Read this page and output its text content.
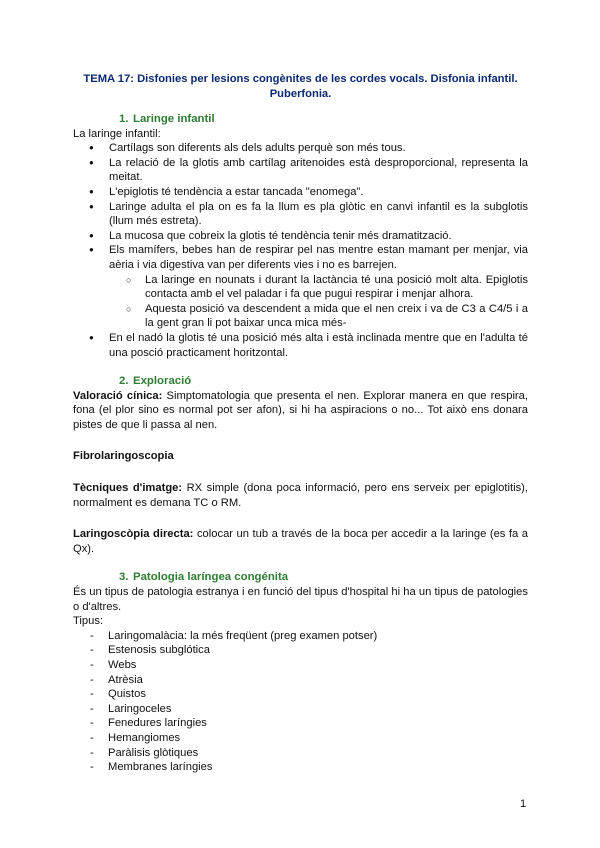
TEMA 17: Disfonies per lesions congènites de les cordes vocals. Disfonia infantil. Puberfonia.

1. Laringe infantil

La laringe infantil:

● Cartílags son diferents als dels adults perquè son més tous.
● La relació de la glotis amb cartílag aritenoides està desproporcional, representa la meitat.
● L'epiglotis té tendència a estar tancada "enomega".
● Laringe adulta el pla on es fa la llum es pla glòtic en canvi infantil es la subglotis (llum més estreta).
● La mucosa que cobreix la glotis té tendència tenir més dramatització.
● Els mamífers, bebes han de respirar pel nas mentre estan mamant per menjar, via aèria i via digestiva van per diferents vies i no es barrejen.
○ La laringe en nounats i durant la lactància té una posició molt alta. Epiglotis contacta amb el vel paladar i fa que pugui respirar i menjar alhora.
○ Aquesta posició va descendent a mida que el nen creix i va de C3 a C4/5 i a la gent gran li pot baixar unca mica més-
● En el nadó la glotis té una posició més alta i està inclinada mentre que en l'adulta té una posció practicament horitzontal.
2. Exploració

Valoració cínica: Simptomatologia que presenta el nen. Explorar manera en que respira, fona (el plor sino es normal pot ser afon), si hi ha aspiracions o no... Tot això ens donara pistes de que li passa al nen.

Fibrolaringoscopia

Tècniques d'imatge: RX simple (dona poca informació, pero ens serveix per epiglotitis), normalment es demana TC o RM.

Laringoscòpia directa: colocar un tub a través de la boca per accedir a la laringe (es fa a Qx).

3. Patologia laríngea congénita

És un tipus de patologia estranya i en funció del tipus d'hospital hi ha un tipus de patologies o d'altres.

Tipus:

- Laringomalàcia: la més freqüent (preg examen potser)
- Estenosis subglótica
- Webs
- Atrèsia
- Quistos
- Laringoceles
- Fenedures laríngies
- Hemangiomes
- Paràlisis glòtiques
- Membranes laríngies
1
